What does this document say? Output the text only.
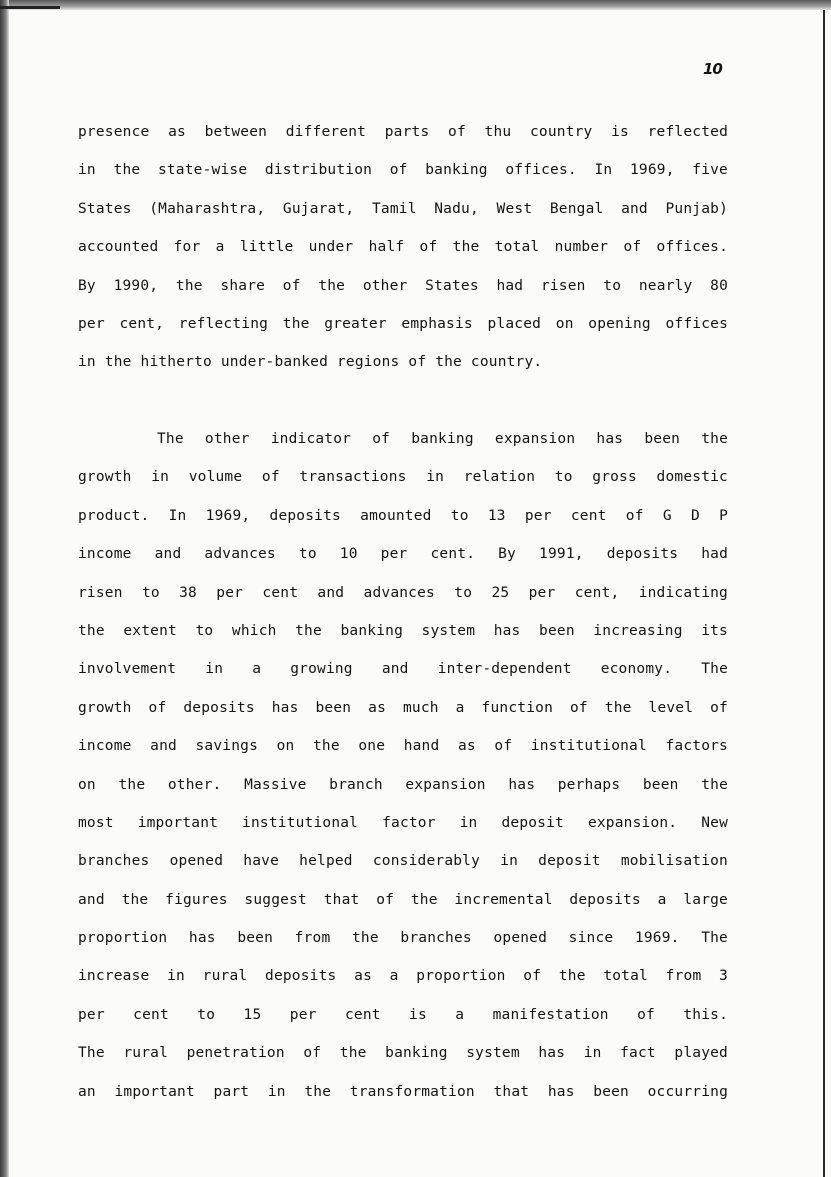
10
presence as between different parts of thu country is reflected
in the state-wise distribution of banking offices. In 1969, five
States (Maharashtra, Gujarat, Tamil Nadu, West Bengal and Punjab)
accounted for a little under half of the total number of offices.
By 1990, the share of the other States had risen to nearly 80
per cent, reflecting the greater emphasis placed on opening offices
in the hitherto under-banked regions of the country.
The other indicator of banking expansion has been the
growth in volume of transactions in relation to gross domestic
product. In 1969, deposits amounted to 13 per cent of G D P
income and advances to 10 per cent. By 1991, deposits had
risen to 38 per cent and advances to 25 per cent, indicating
the extent to which the banking system has been increasing its
involvement in a growing and inter-dependent economy. The
growth of deposits has been as much a function of the level of
income and savings on the one hand as of institutional factors
on the other. Massive branch expansion has perhaps been the
most important institutional factor in deposit expansion. New
branches opened have helped considerably in deposit mobilisation
and the figures suggest that of the incremental deposits a large
proportion has been from the branches opened since 1969. The
increase in rural deposits as a proportion of the total from 3
per cent to 15 per cent is a manifestation of this.
The rural penetration of the banking system has in fact played
an important part in the transformation that has been occurring
